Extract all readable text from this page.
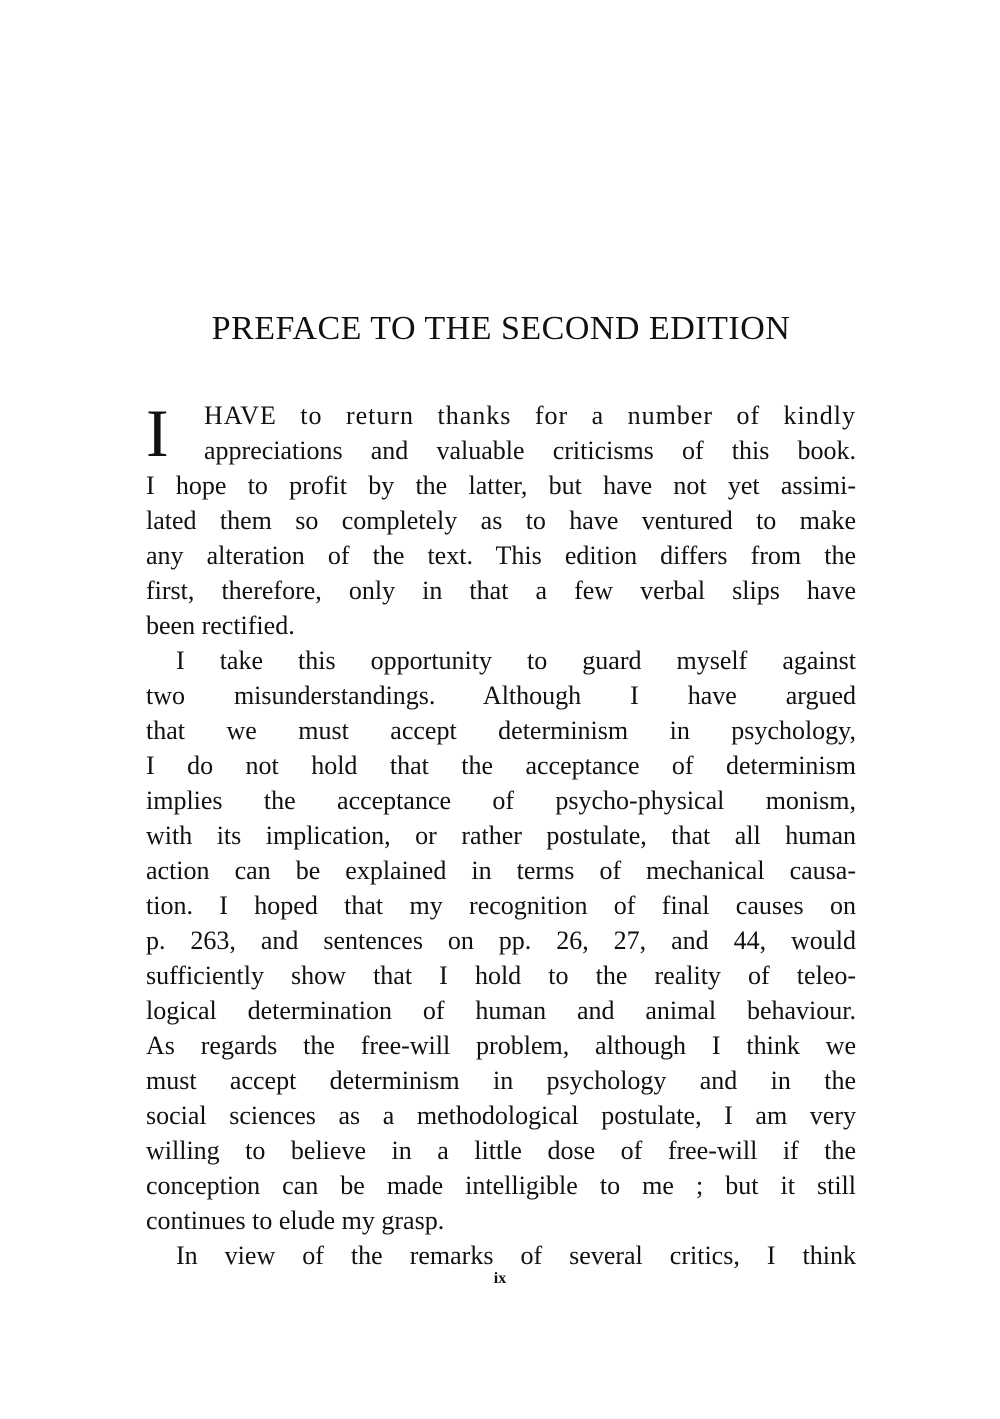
PREFACE TO THE SECOND EDITION
I HAVE to return thanks for a number of kindly
appreciations and valuable criticisms of this book.
I hope to profit by the latter, but have not yet assimi-
lated them so completely as to have ventured to make
any alteration of the text. This edition differs from the
first, therefore, only in that a few verbal slips have
been rectified.
I take this opportunity to guard myself against
two misunderstandings. Although I have argued
that we must accept determinism in psychology,
I do not hold that the acceptance of determinism
implies the acceptance of psycho-physical monism,
with its implication, or rather postulate, that all human
action can be explained in terms of mechanical causa-
tion. I hoped that my recognition of final causes on
p. 263, and sentences on pp. 26, 27, and 44, would
sufficiently show that I hold to the reality of teleo-
logical determination of human and animal behaviour.
As regards the free-will problem, although I think we
must accept determinism in psychology and in the
social sciences as a methodological postulate, I am very
willing to believe in a little dose of free-will if the
conception can be made intelligible to me ; but it still
continues to elude my grasp.
In view of the remarks of several critics, I think
ix
